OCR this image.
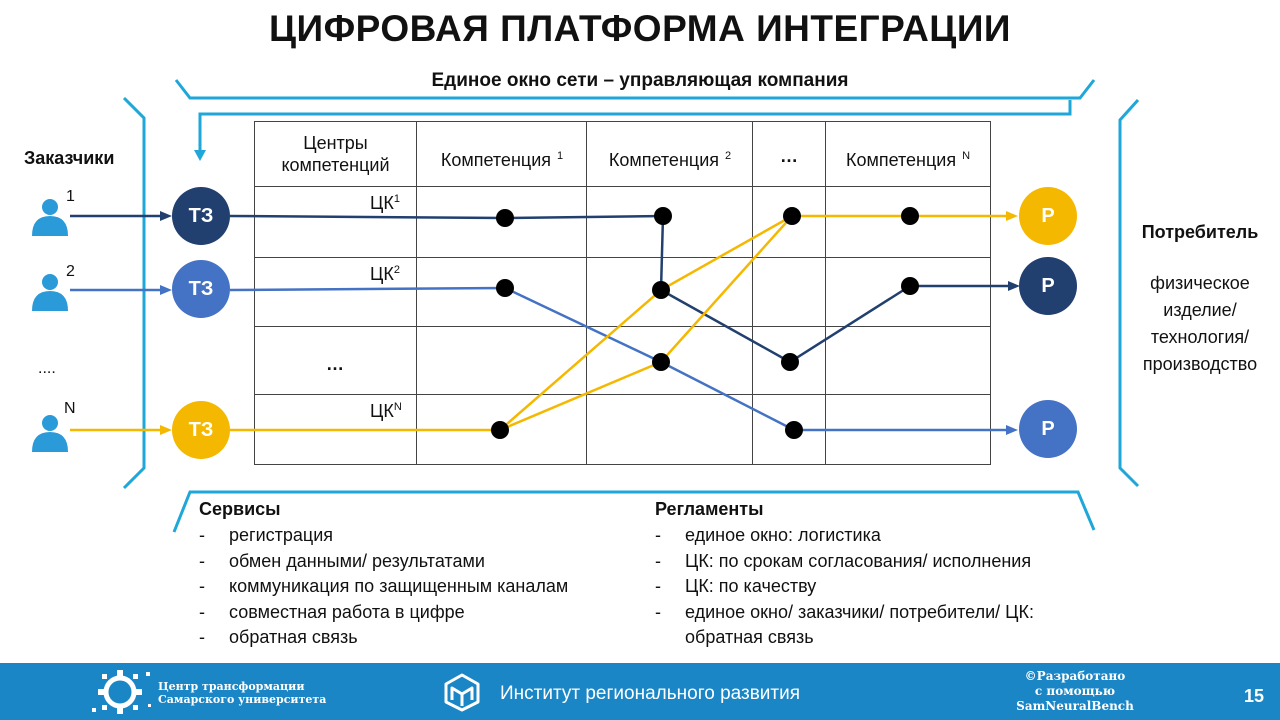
ЦИФРОВАЯ ПЛАТФОРМА ИНТЕГРАЦИИ
Единое окно сети – управляющая компания
Заказчики
1
2
N
....
Центры компетенций	Компетенция $^1$	Компетенция $^2$	…	Компетенция $^N$
$ЦК^1$
$ЦК^2$
…
$ЦК^N$
ТЗ
ТЗ
ТЗ
Р
Р
Р
Потребитель
физическое
изделие/
технология/
производство
Сервисы
- регистрация
- обмен данными/ результатами
- коммуникация по защищенным каналам
- совместная работа в цифре
- обратная связь
Регламенты
- единое окно: логистика
- ЦК: по срокам согласования/ исполнения
- ЦК: по качеству
- единое окно/ заказчики/ потребители/ ЦК: обратная связь
Центр трансформации
Самарского университета	Институт регионального развития
©Разработано
с помощью
SamNeuralBench	15
